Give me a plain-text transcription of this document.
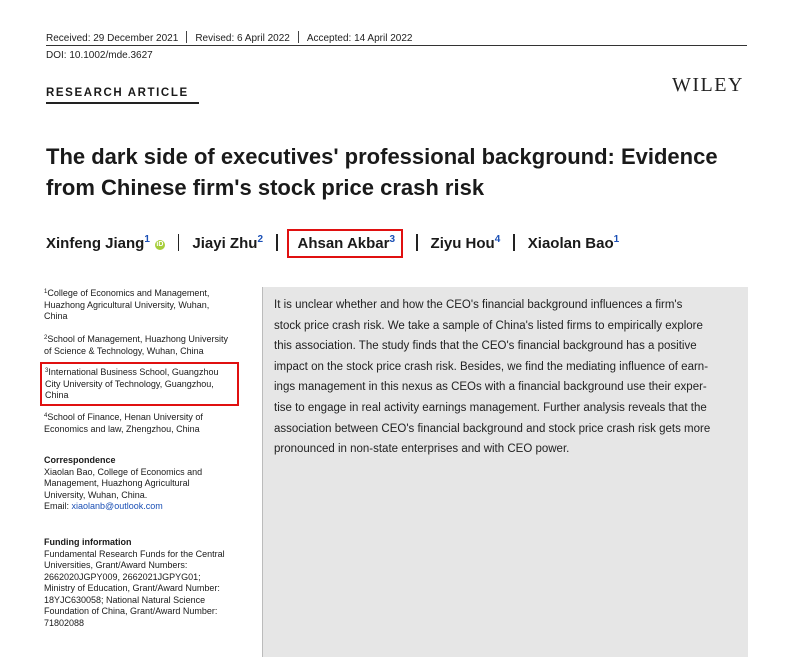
Received: 29 December 2021 Revised: 6 April 2022 Accepted: 14 April 2022
DOI: 10.1002/mde.3627
RESEARCH ARTICLE	WILEY
The dark side of executives' professional background: Evidence
from Chinese firm's stock price crash risk
Xinfeng Jiang$^1$ iD Jiayi Zhu$^2$ Ahsan Akbar$^3$ Ziyu Hou$^4$ Xiaolan Bao$^1$
$^1$College of Economics and Management,
Huazhong Agricultural University, Wuhan,
China
$^2$School of Management, Huazhong University
of Science & Technology, Wuhan, China
$^3$International Business School, Guangzhou
City University of Technology, Guangzhou,
China
$^4$School of Finance, Henan University of
Economics and law, Zhengzhou, China
Correspondence
Xiaolan Bao, College of Economics and
Management, Huazhong Agricultural
University, Wuhan, China.
Email: xiaolanb@outlook.com
Funding information
Fundamental Research Funds for the Central
Universities, Grant/Award Numbers:
2662020JGPY009, 2662021JGPYG01;
Ministry of Education, Grant/Award Number:
18YJC630058; National Natural Science
Foundation of China, Grant/Award Number:
71802088

It is unclear whether and how the CEO's financial background influences a firm's

stock price crash risk. We take a sample of China's listed firms to empirically explore

this association. The study finds that the CEO's financial background has a positive

impact on the stock price crash risk. Besides, we find the mediating influence of earn-

ings management in this nexus as CEOs with a financial background use their exper-

tise to engage in real activity earnings management. Further analysis reveals that the

association between CEO's financial background and stock price crash risk gets more

pronounced in non-state enterprises and with CEO power.
